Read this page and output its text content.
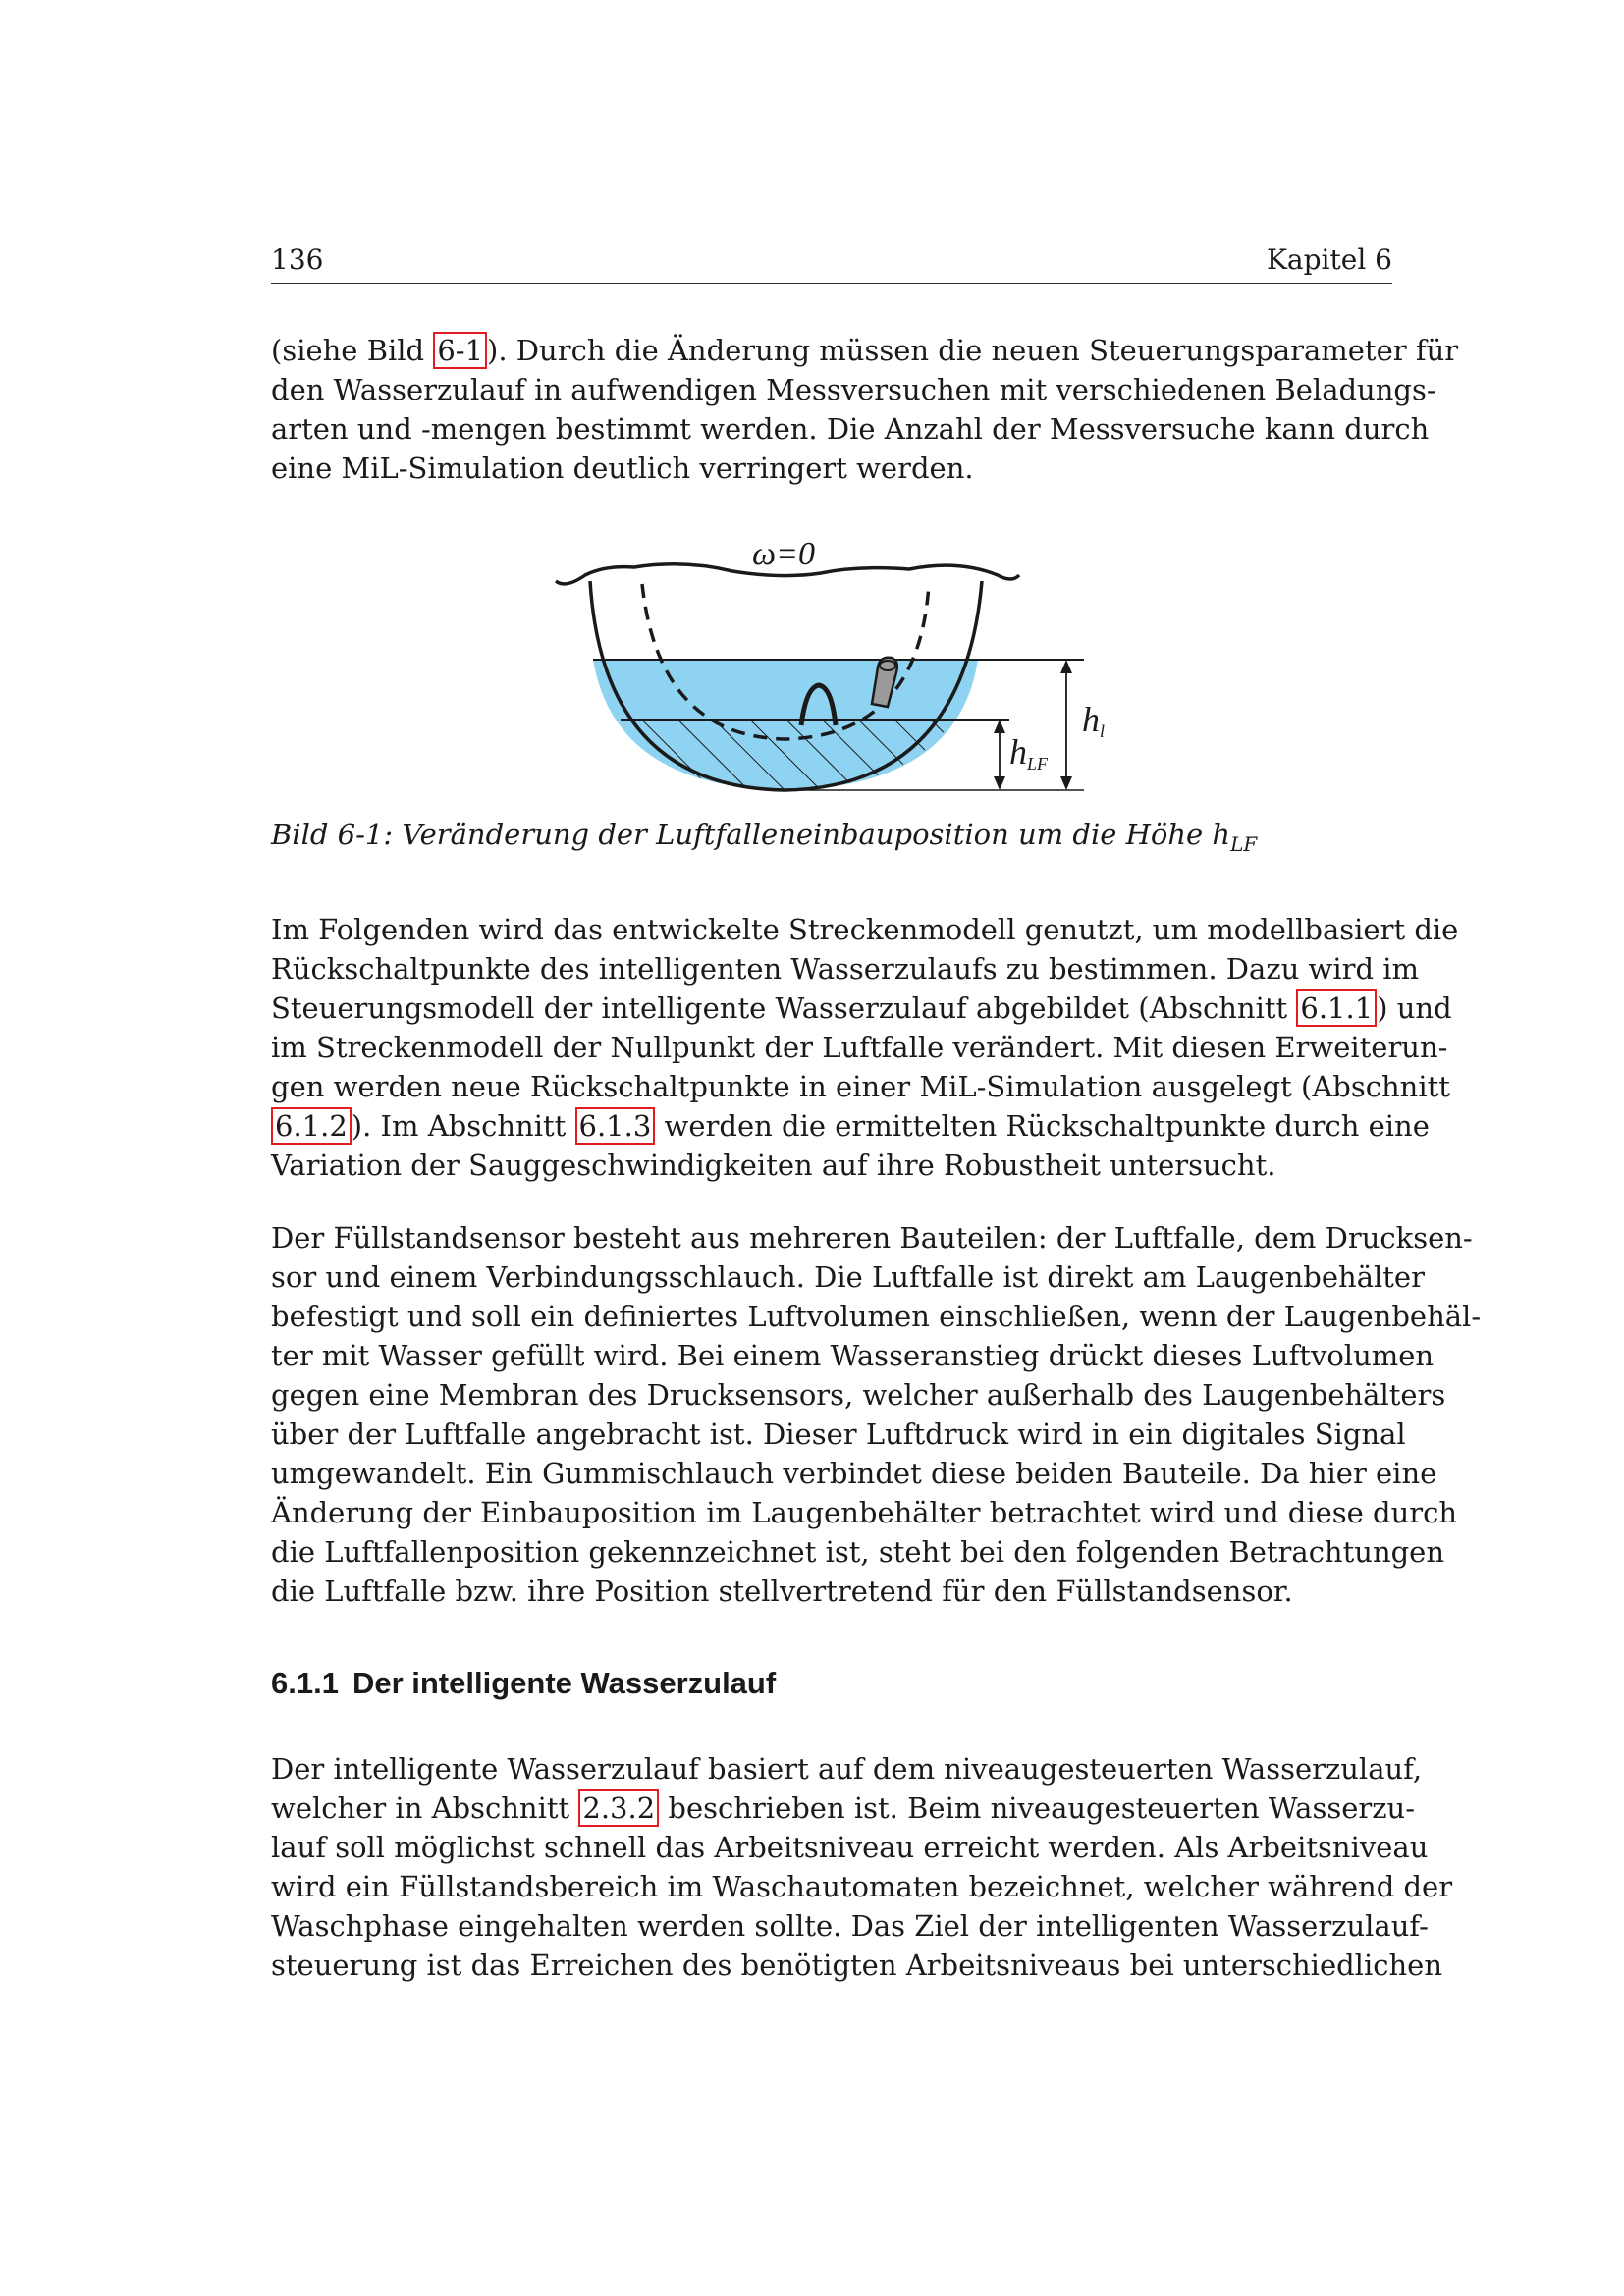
136	Kapitel 6
(siehe Bild 6-1 ). Durch die Änderung müssen die neuen Steuerungsparameter für
den Wasserzulauf in aufwendigen Messversuchen mit verschiedenen Beladungs-
arten und -mengen bestimmt werden. Die Anzahl der Messversuche kann durch
eine MiL-Simulation deutlich verringert werden.
ω=0
hl
hLF
Bild 6-1: Veränderung der Luftfalleneinbauposition um die Höhe $h_{LF}$
Im Folgenden wird das entwickelte Streckenmodell genutzt, um modellbasiert die
Rückschaltpunkte des intelligenten Wasserzulaufs zu bestimmen. Dazu wird im
Steuerungsmodell der intelligente Wasserzulauf abgebildet (Abschnitt 6.1.1 ) und
im Streckenmodell der Nullpunkt der Luftfalle verändert. Mit diesen Erweiterun-
gen werden neue Rückschaltpunkte in einer MiL-Simulation ausgelegt (Abschnitt
6.1.2 ). Im Abschnitt 6.1.3 werden die ermittelten Rückschaltpunkte durch eine
Variation der Sauggeschwindigkeiten auf ihre Robustheit untersucht.
Der Füllstandsensor besteht aus mehreren Bauteilen: der Luftfalle, dem Drucksen-
sor und einem Verbindungsschlauch. Die Luftfalle ist direkt am Laugenbehälter
befestigt und soll ein definiertes Luftvolumen einschließen, wenn der Laugenbehäl-
ter mit Wasser gefüllt wird. Bei einem Wasseranstieg drückt dieses Luftvolumen
gegen eine Membran des Drucksensors, welcher außerhalb des Laugenbehälters
über der Luftfalle angebracht ist. Dieser Luftdruck wird in ein digitales Signal
umgewandelt. Ein Gummischlauch verbindet diese beiden Bauteile. Da hier eine
Änderung der Einbauposition im Laugenbehälter betrachtet wird und diese durch
die Luftfallenposition gekennzeichnet ist, steht bei den folgenden Betrachtungen
die Luftfalle bzw. ihre Position stellvertretend für den Füllstandsensor.
6.1.1 Der intelligente Wasserzulauf
Der intelligente Wasserzulauf basiert auf dem niveaugesteuerten Wasserzulauf,
welcher in Abschnitt 2.3.2 beschrieben ist. Beim niveaugesteuerten Wasserzu-
lauf soll möglichst schnell das Arbeitsniveau erreicht werden. Als Arbeitsniveau
wird ein Füllstandsbereich im Waschautomaten bezeichnet, welcher während der
Waschphase eingehalten werden sollte. Das Ziel der intelligenten Wasserzulauf-
steuerung ist das Erreichen des benötigten Arbeitsniveaus bei unterschiedlichen
